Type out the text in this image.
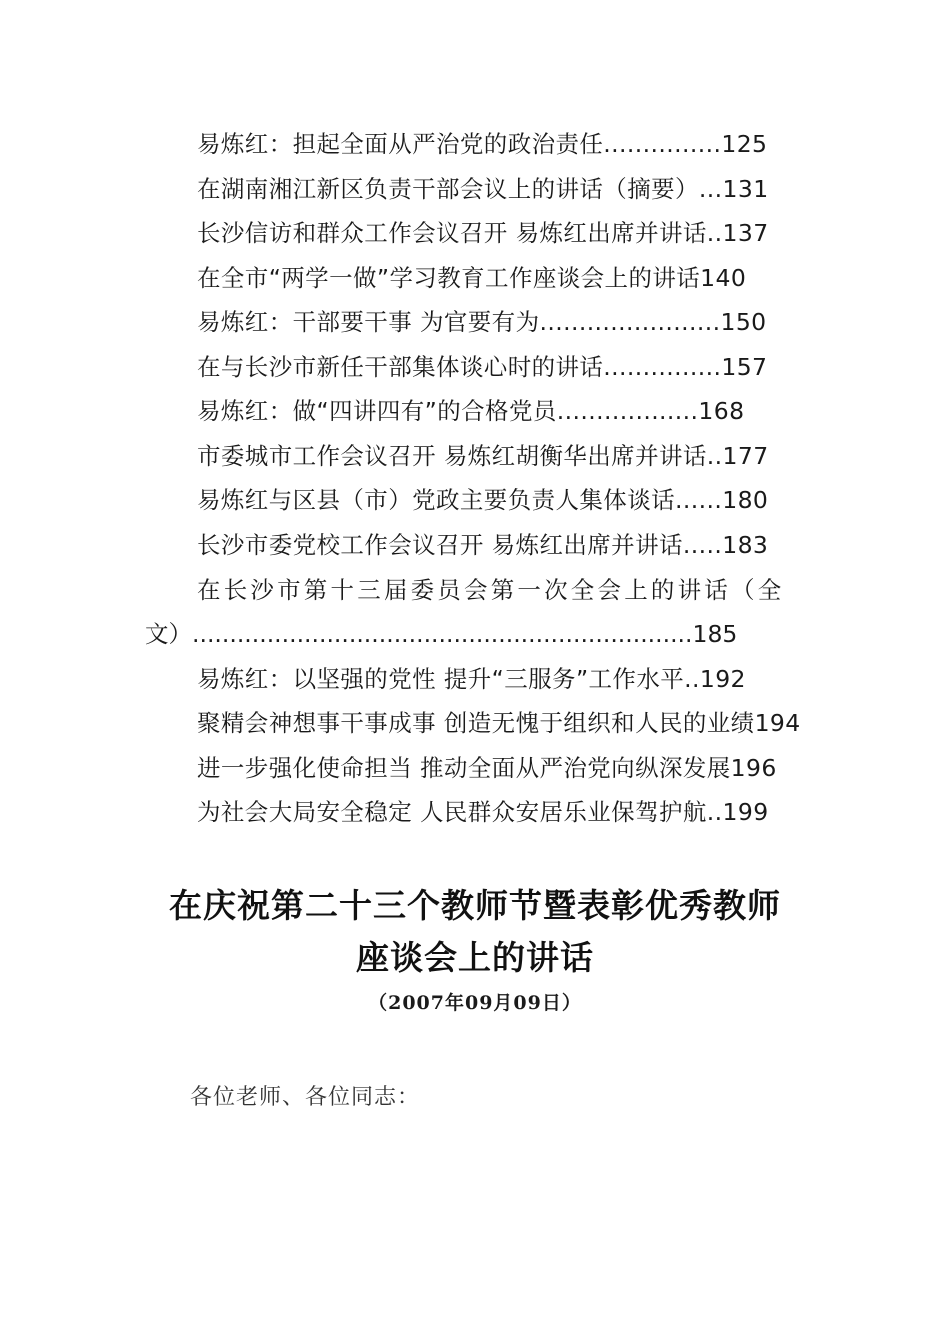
易炼红：担起全面从严治党的政治责任...............125
在湖南湘江新区负责干部会议上的讲话（摘要）...131
长沙信访和群众工作会议召开 易炼红出席并讲话..137
在全市“两学一做”学习教育工作座谈会上的讲话140
易炼红：干部要干事 为官要有为.......................150
在与长沙市新任干部集体谈心时的讲话...............157
易炼红：做“四讲四有”的合格党员..................168
市委城市工作会议召开 易炼红胡衡华出席并讲话..177
易炼红与区县（市）党政主要负责人集体谈话......180
长沙市委党校工作会议召开 易炼红出席并讲话.....183
在长沙市第十三届委员会第一次全会上的讲话（全
文）...................................................................185
易炼红：以坚强的党性 提升“三服务”工作水平..192
聚精会神想事干事成事 创造无愧于组织和人民的业绩194
进一步强化使命担当 推动全面从严治党向纵深发展196
为社会大局安全稳定 人民群众安居乐业保驾护航..199
在庆祝第二十三个教师节暨表彰优秀教师
座谈会上的讲话
（2007年09月09日）
各位老师、各位同志：
